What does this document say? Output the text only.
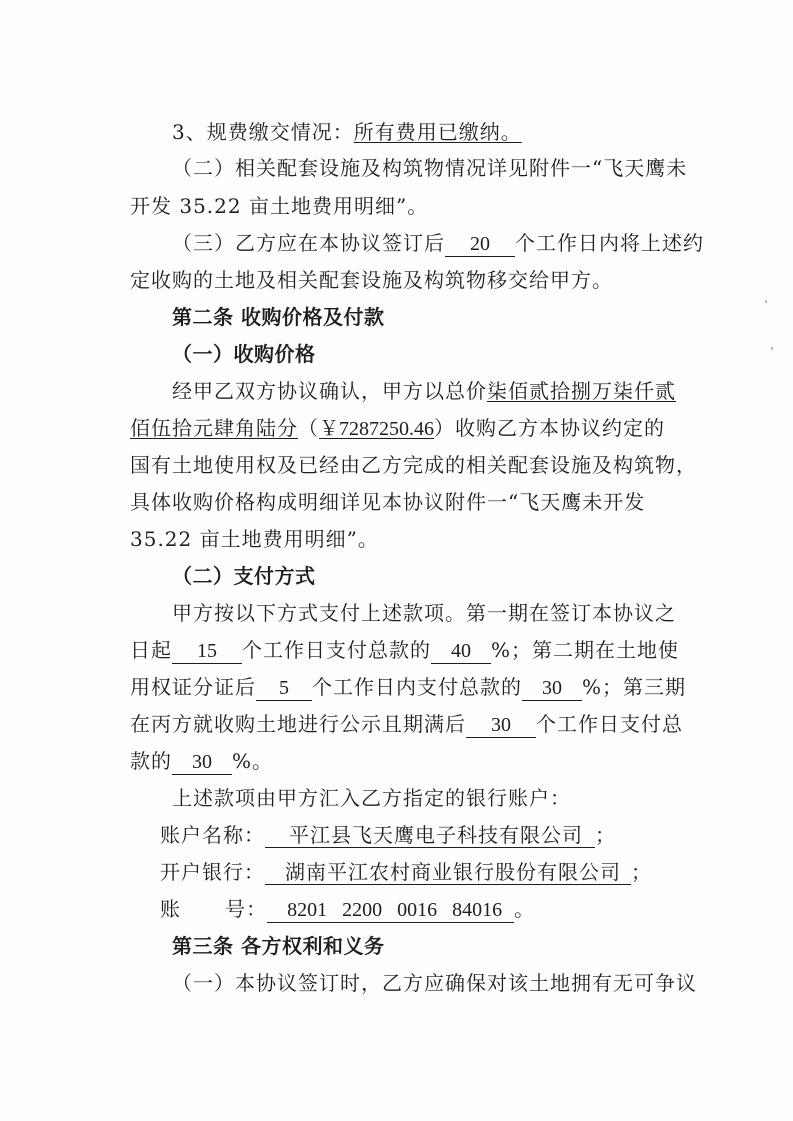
3、规费缴交情况：所有费用已缴纳。
（二）相关配套设施及构筑物情况详见附件一“飞天鹰未
开发 35.22 亩土地费用明细”。
（三）乙方应在本协议签订后 20 个工作日内将上述约
定收购的土地及相关配套设施及构筑物移交给甲方。
第二条 收购价格及付款
（一）收购价格
经甲乙双方协议确认，甲方以总价柒佰贰拾捌万柒仟贰
佰伍拾元肆角陆分（￥7287250.46）收购乙方本协议约定的
国有土地使用权及已经由乙方完成的相关配套设施及构筑物，
具体收购价格构成明细详见本协议附件一“飞天鹰未开发
35.22 亩土地费用明细”。
（二）支付方式
甲方按以下方式支付上述款项。第一期在签订本协议之
日起 15 个工作日支付总款的 40 %；第二期在土地使
用权证分证后 5 个工作日内支付总款的 30 %；第三期
在丙方就收购土地进行公示且期满后 30 个工作日支付总
款的 30 %。
上述款项由甲方汇入乙方指定的银行账户：
账户名称： 平江县飞天鹰电子科技有限公司 ；
开户银行： 湖南平江农村商业银行股份有限公司 ；
账      号： 8201   2200   0016   84016 。
第三条 各方权利和义务
（一）本协议签订时，乙方应确保对该土地拥有无可争议
